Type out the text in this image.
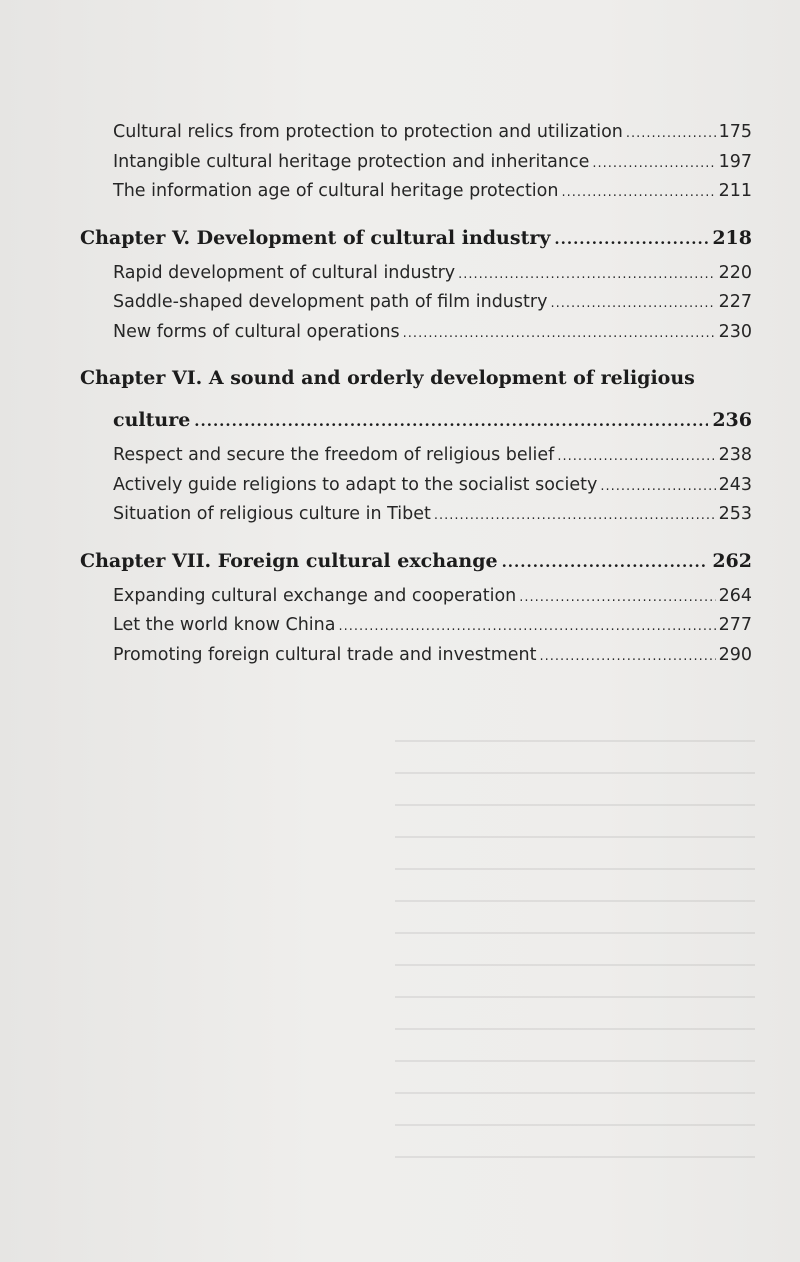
Cultural relics from protection to protection and utilization .....	175
Intangible cultural heritage protection and inheritance .....	197
The information age of cultural heritage protection .....	211
Chapter V. Development of cultural industry .....	218
Rapid development of cultural industry .....	220
Saddle-shaped development path of film industry .....	227
New forms of cultural operations .....	230
Chapter VI. A sound and orderly development of religious
culture .....	236
Respect and secure the freedom of religious belief .....	238
Actively guide religions to adapt to the socialist society .....	243
Situation of religious culture in Tibet .....	253
Chapter VII. Foreign cultural exchange .....	262
Expanding cultural exchange and cooperation .....	264
Let the world know China .....	277
Promoting foreign cultural trade and investment .....	290
